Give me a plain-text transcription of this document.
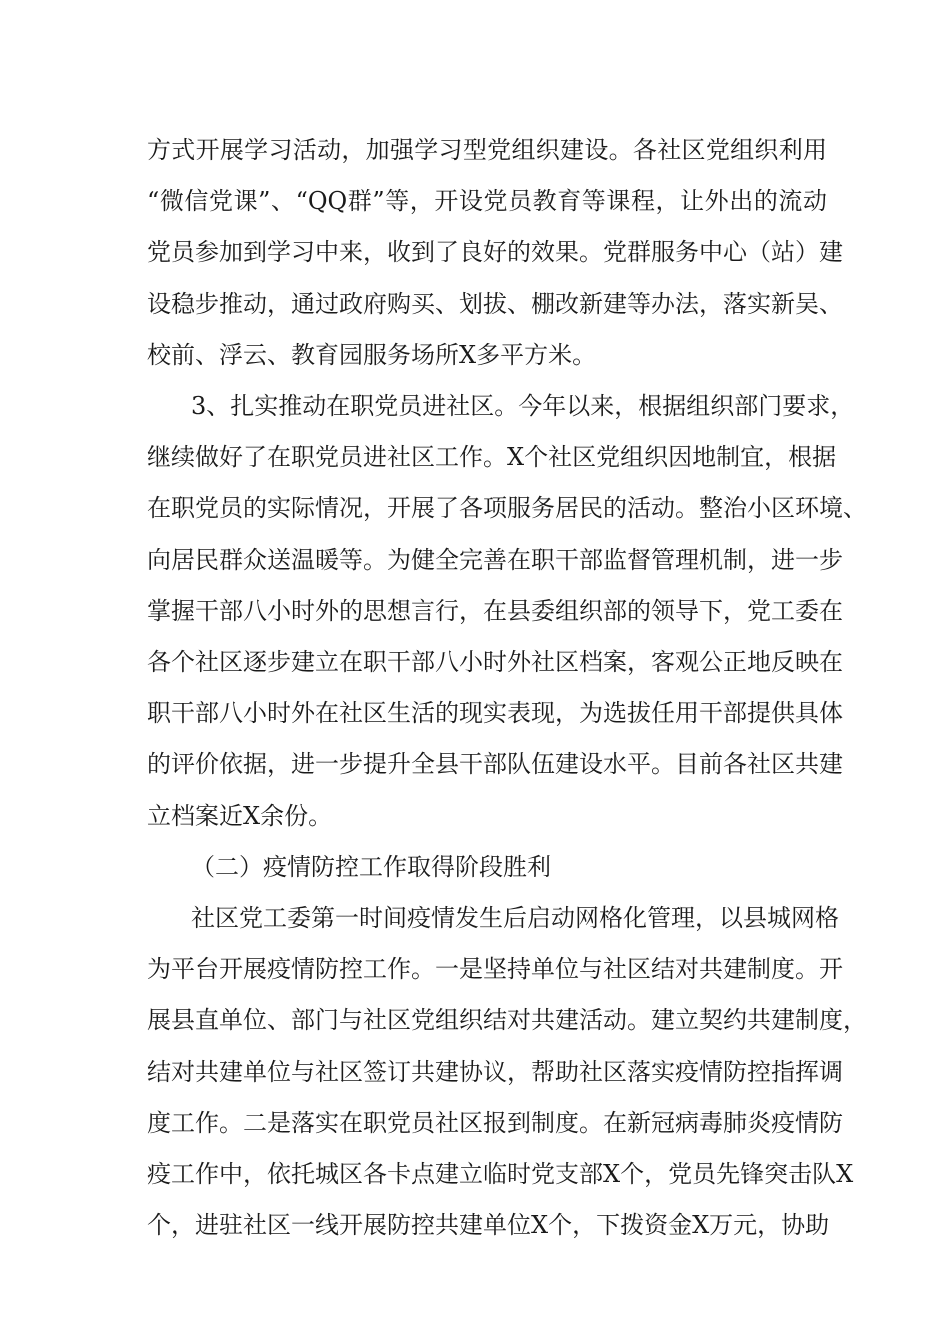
方式开展学习活动，加强学习型党组织建设。各社区党组织利用
“微信党课”、“QQ群”等，开设党员教育等课程，让外出的流动
党员参加到学习中来，收到了良好的效果。党群服务中心（站）建
设稳步推动，通过政府购买、划拔、棚改新建等办法，落实新吴、
校前、浮云、教育园服务场所X多平方米。
3、扎实推动在职党员进社区。今年以来，根据组织部门要求，
继续做好了在职党员进社区工作。X个社区党组织因地制宜，根据
在职党员的实际情况，开展了各项服务居民的活动。整治小区环境、
向居民群众送温暖等。为健全完善在职干部监督管理机制，进一步
掌握干部八小时外的思想言行，在县委组织部的领导下，党工委在
各个社区逐步建立在职干部八小时外社区档案，客观公正地反映在
职干部八小时外在社区生活的现实表现，为选拔任用干部提供具体
的评价依据，进一步提升全县干部队伍建设水平。目前各社区共建
立档案近X余份。
（二）疫情防控工作取得阶段胜利
社区党工委第一时间疫情发生后启动网格化管理，以县城网格
为平台开展疫情防控工作。一是坚持单位与社区结对共建制度。开
展县直单位、部门与社区党组织结对共建活动。建立契约共建制度，
结对共建单位与社区签订共建协议，帮助社区落实疫情防控指挥调
度工作。二是落实在职党员社区报到制度。在新冠病毒肺炎疫情防
疫工作中，依托城区各卡点建立临时党支部X个，党员先锋突击队X
个，进驻社区一线开展防控共建单位X个，下拨资金X万元，协助
